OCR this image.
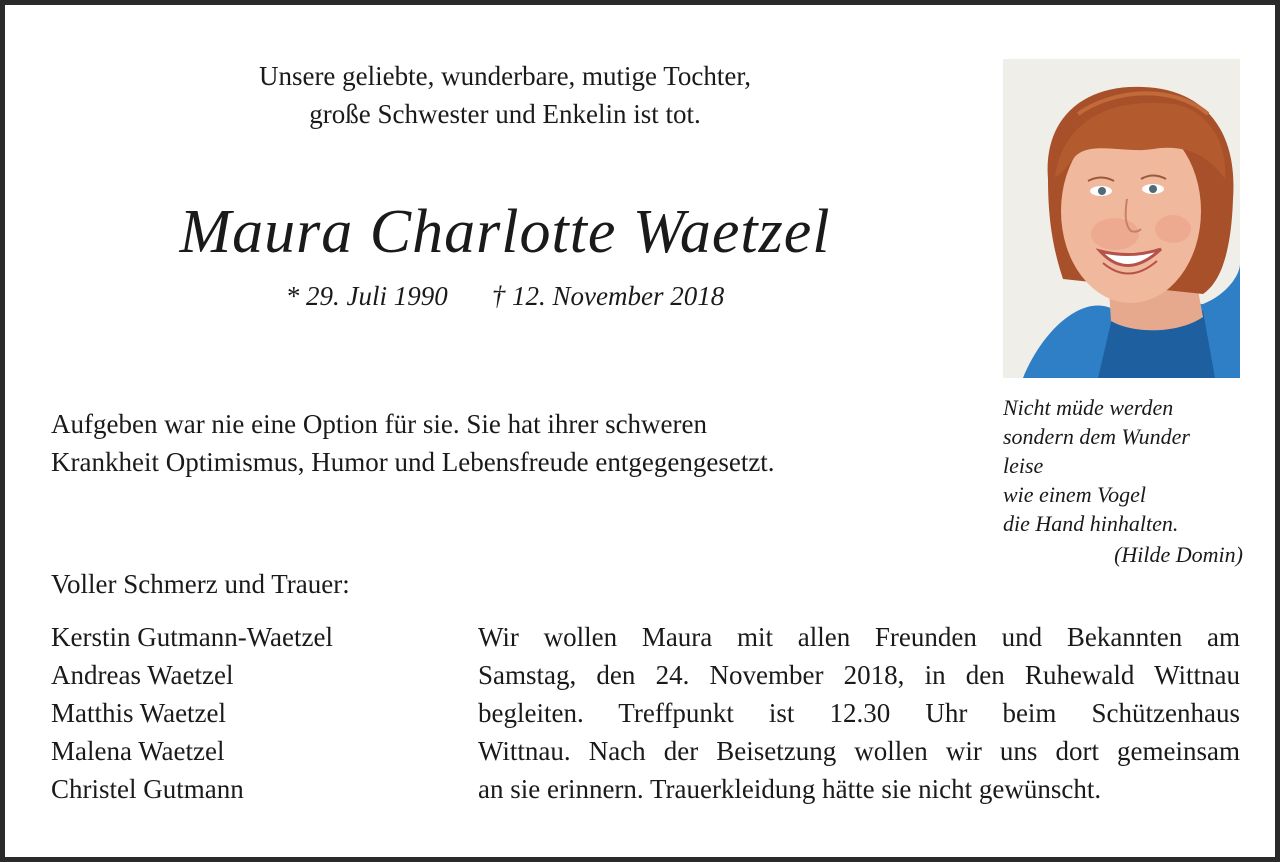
Unsere geliebte, wunderbare, mutige Tochter,
große Schwester und Enkelin ist tot.
Maura Charlotte Waetzel
* 29. Juli 1990 † 12. November 2018
Aufgeben war nie eine Option für sie. Sie hat ihrer schweren
Krankheit Optimismus, Humor und Lebensfreude entgegengesetzt.
Nicht müde werden
sondern dem Wunder
leise
wie einem Vogel
die Hand hinhalten.
(Hilde Domin)
Voller Schmerz und Trauer:
Kerstin Gutmann-Waetzel
Andreas Waetzel
Matthis Waetzel
Malena Waetzel
Christel Gutmann
Wir wollen Maura mit allen Freunden und Bekannten am
Samstag, den 24. November 2018, in den Ruhewald Wittnau
begleiten. Treffpunkt ist 12.30 Uhr beim Schützenhaus
Wittnau. Nach der Beisetzung wollen wir uns dort gemeinsam
an sie erinnern. Trauerkleidung hätte sie nicht gewünscht.
